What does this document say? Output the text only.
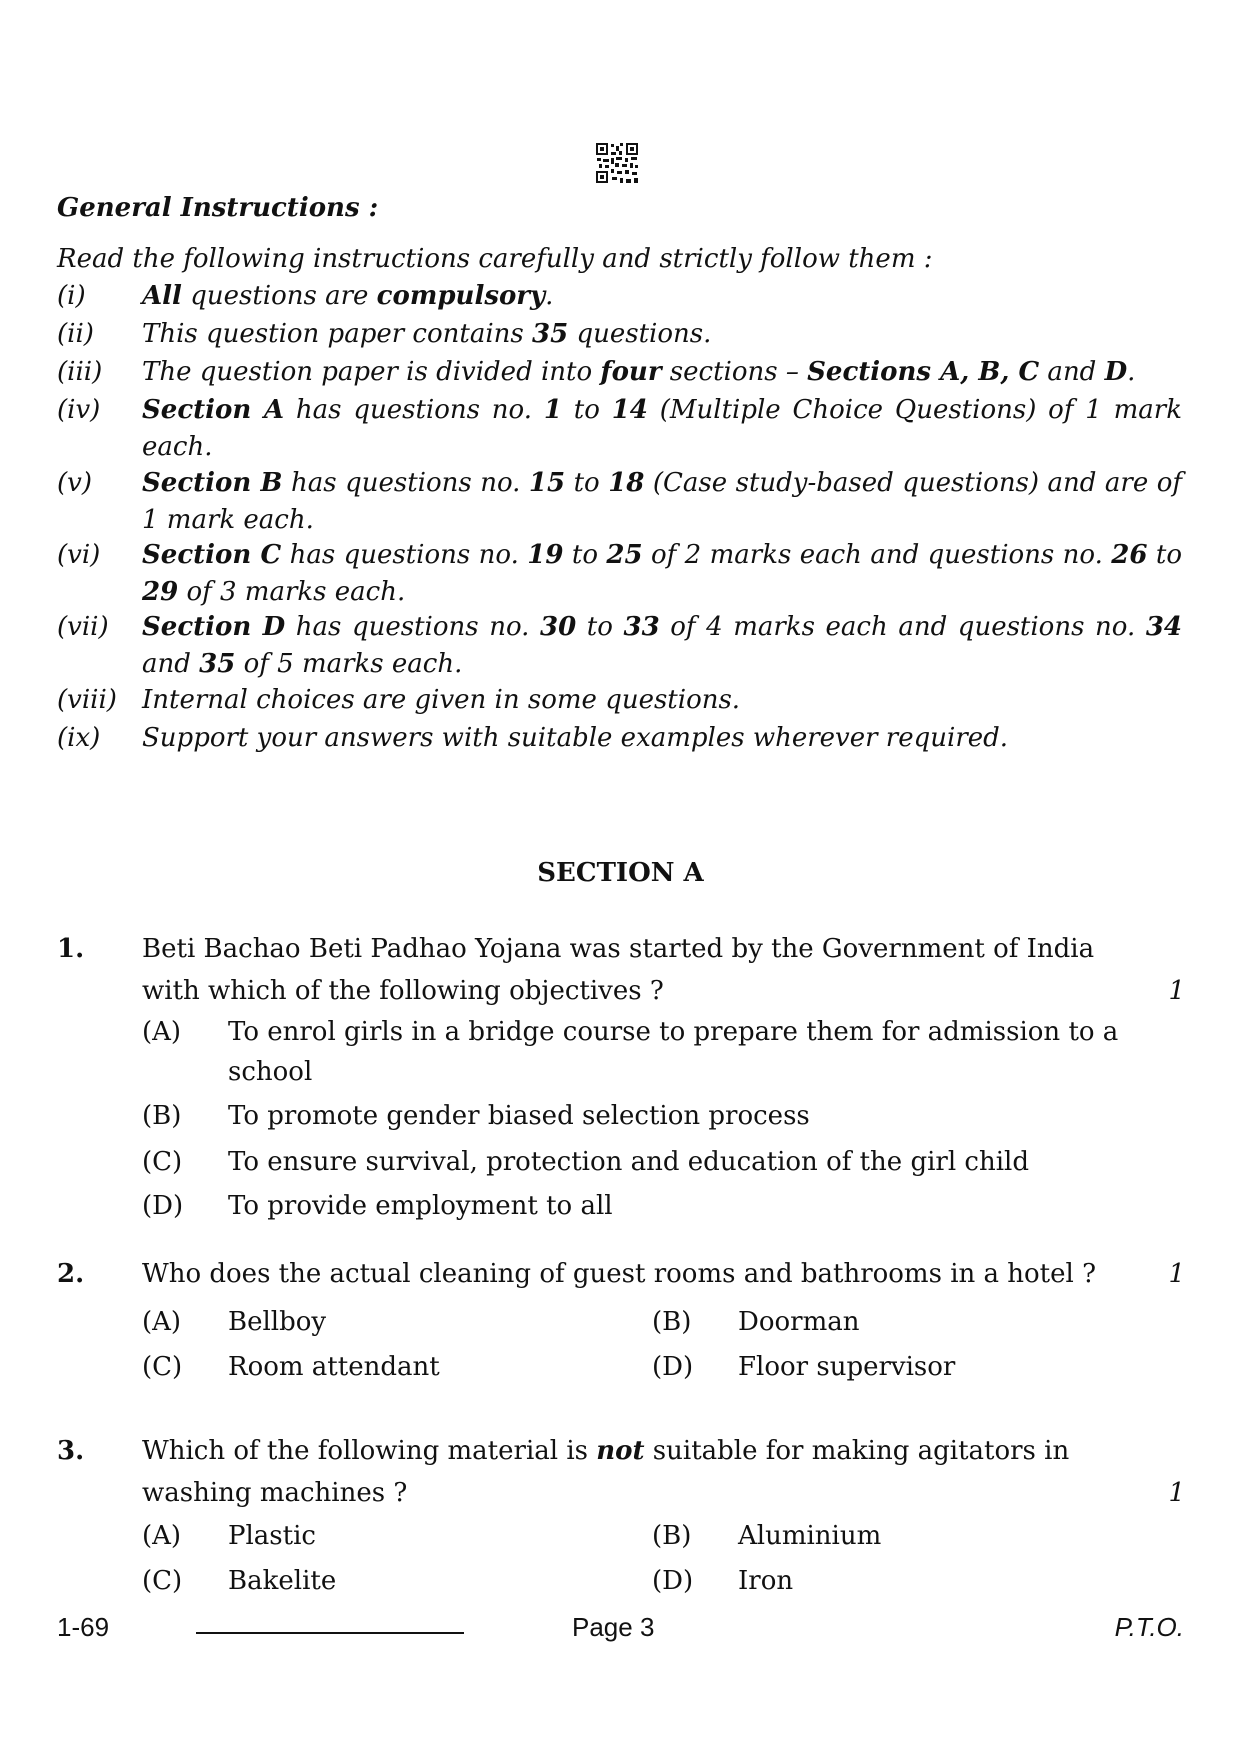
General Instructions :
Read the following instructions carefully and strictly follow them :
(i)	All questions are compulsory.
(ii)	This question paper contains 35 questions.
(iii)	The question paper is divided into four sections – Sections A, B, C and D.
(iv)	Section A has questions no. 1 to 14 (Multiple Choice Questions) of 1 mark each.
(v)	Section B has questions no. 15 to 18 (Case study-based questions) and are of 1 mark each.
(vi)	Section C has questions no. 19 to 25 of 2 marks each and questions no. 26 to 29 of 3 marks each.
(vii)	Section D has questions no. 30 to 33 of 4 marks each and questions no. 34 and 35 of 5 marks each.
(viii) Internal choices are given in some questions.
(ix)	Support your answers with suitable examples wherever required.
SECTION A
1. Beti Bachao Beti Padhao Yojana was started by the Government of India with which of the following objectives ?	1
(A) To enrol girls in a bridge course to prepare them for admission to a school
(B) To promote gender biased selection process
(C) To ensure survival, protection and education of the girl child
(D) To provide employment to all
2. Who does the actual cleaning of guest rooms and bathrooms in a hotel ?	1
(A) Bellboy	(B) Doorman
(C) Room attendant	(D) Floor supervisor
3. Which of the following material is not suitable for making agitators in washing machines ?	1
(A) Plastic	(B) Aluminium
(C) Bakelite	(D) Iron
1-69	Page 3	P.T.O.
